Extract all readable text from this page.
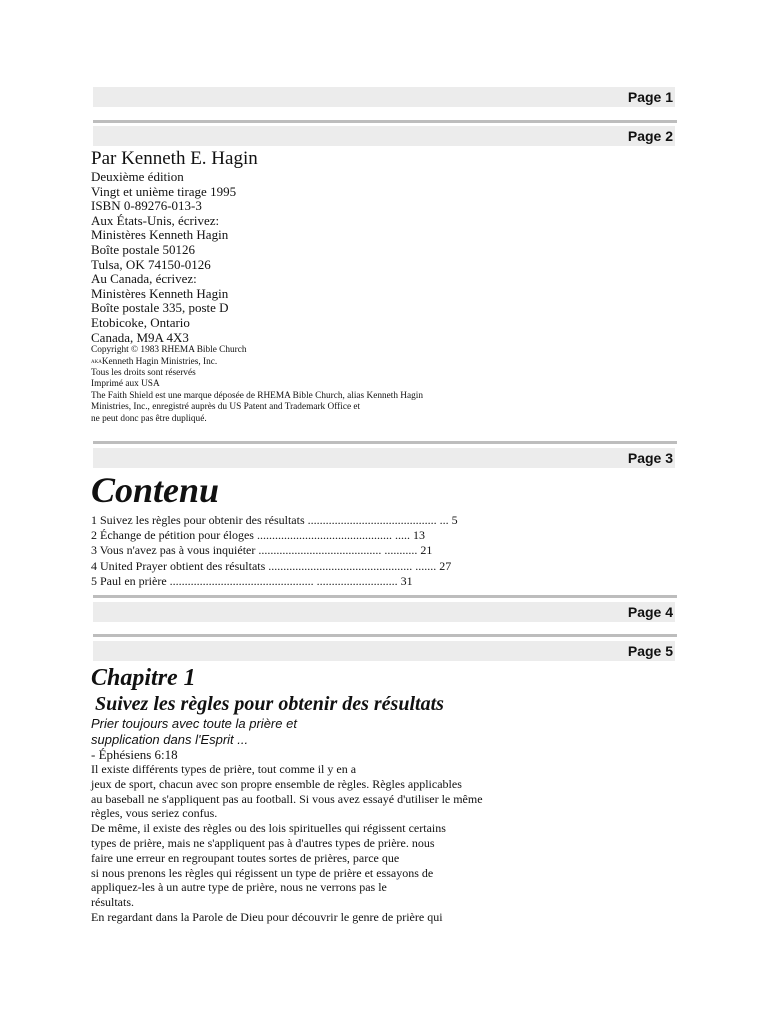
Page 1
Page 2
Par Kenneth E. Hagin
Deuxième édition
Vingt et unième tirage 1995
ISBN 0-89276-013-3
Aux États-Unis, écrivez:
Ministères Kenneth Hagin
Boîte postale 50126
Tulsa, OK 74150-0126
Au Canada, écrivez:
Ministères Kenneth Hagin
Boîte postale 335, poste D
Etobicoke, Ontario
Canada, M9A 4X3
Copyright © 1983 RHEMA Bible Church
AKAKenneth Hagin Ministries, Inc.
Tous les droits sont réservés
Imprimé aux USA
The Faith Shield est une marque déposée de RHEMA Bible Church, alias Kenneth Hagin
Ministries, Inc., enregistré auprès du US Patent and Trademark Office et
ne peut donc pas être dupliqué.
Page 3
Contenu
1 Suivez les règles pour obtenir des résultats ........................................... ... 5
2 Échange de pétition pour éloges ............................................. ..... 13
3 Vous n'avez pas à vous inquiéter ......................................... ........... 21
4 United Prayer obtient des résultats ................................................ ....... 27
5 Paul en prière ................................................ ........................... 31
Page 4
Page 5
Chapitre 1
Suivez les règles pour obtenir des résultats
Prier toujours avec toute la prière et
supplication dans l'Esprit ...
- Éphésiens 6:18
Il existe différents types de prière, tout comme il y en a
jeux de sport, chacun avec son propre ensemble de règles. Règles applicables
au baseball ne s'appliquent pas au football. Si vous avez essayé d'utiliser le même
règles, vous seriez confus.
De même, il existe des règles ou des lois spirituelles qui régissent certains
types de prière, mais ne s'appliquent pas à d'autres types de prière. nous
faire une erreur en regroupant toutes sortes de prières, parce que
si nous prenons les règles qui régissent un type de prière et essayons de
appliquez-les à un autre type de prière, nous ne verrons pas le
résultats.
En regardant dans la Parole de Dieu pour découvrir le genre de prière qui
